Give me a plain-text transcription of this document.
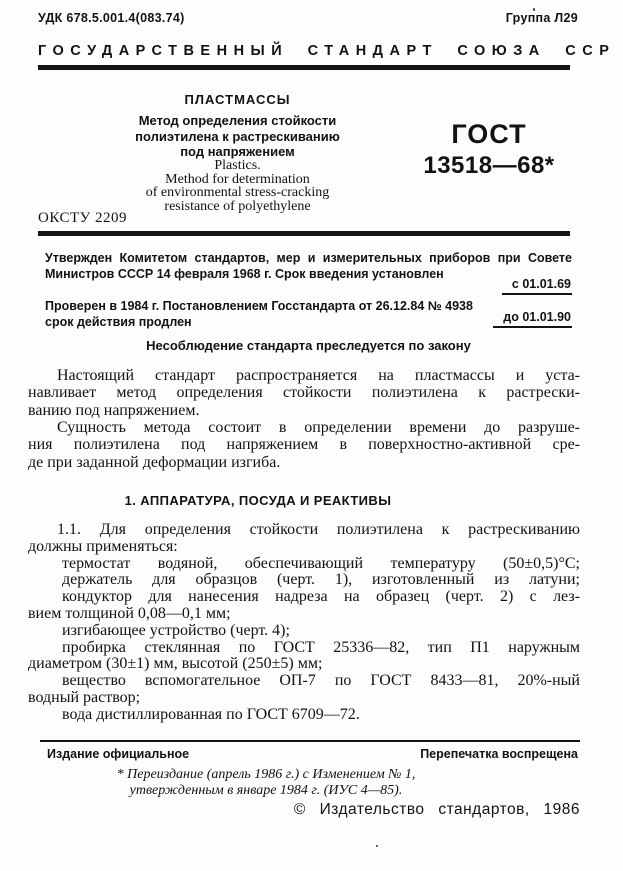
УДК 678.5.001.4(083.74)	Группа Л29
ГОСУДАРСТВЕННЫЙ СТАНДАРТ СОЮЗА ССР
ПЛАСТМАССЫ
Метод определения стойкости
полиэтилена к растрескиванию
под напряжением
Plastics.
Method for determination
of environmental stress-cracking
resistance of polyethylene
ОКСТУ 2209
ГОСТ
13518—68*
Утвержден Комитетом стандартов, мер и измерительных приборов при Совете
Министров СССР 14 февраля 1968 г. Срок введения установлен
с 01.01.69
Проверен в 1984 г. Постановлением Госстандарта от 26.12.84 № 4938
срок действия продлен	до 01.01.90
Несоблюдение стандарта преследуется по закону
Настоящий стандарт распространяется на пластмассы и уста-
навливает метод определения стойкости полиэтилена к растрески-
ванию под напряжением.
Сущность метода состоит в определении времени до разруше-
ния полиэтилена под напряжением в поверхностно-активной сре-
де при заданной деформации изгиба.
1. АППАРАТУРА, ПОСУДА И РЕАКТИВЫ
1.1. Для определения стойкости полиэтилена к растрескиванию
должны применяться:
термостат водяной, обеспечивающий температуру (50±0,5)°С;
держатель для образцов (черт. 1), изготовленный из латуни;
кондуктор для нанесения надреза на образец (черт. 2) с лез-
вием толщиной 0,08—0,1 мм;
изгибающее устройство (черт. 4);
пробирка стеклянная по ГОСТ 25336—82, тип П1 наружным
диаметром (30±1) мм, высотой (250±5) мм;
вещество вспомогательное ОП-7 по ГОСТ 8433—81, 20%-ный
водный раствор;
вода дистиллированная по ГОСТ 6709—72.
Издание официальное	Перепечатка воспрещена
* Переиздание (апрель 1986 г.) с Изменением № 1,
утвержденным в январе 1984 г. (ИУС 4—85).
© Издательство стандартов, 1986
